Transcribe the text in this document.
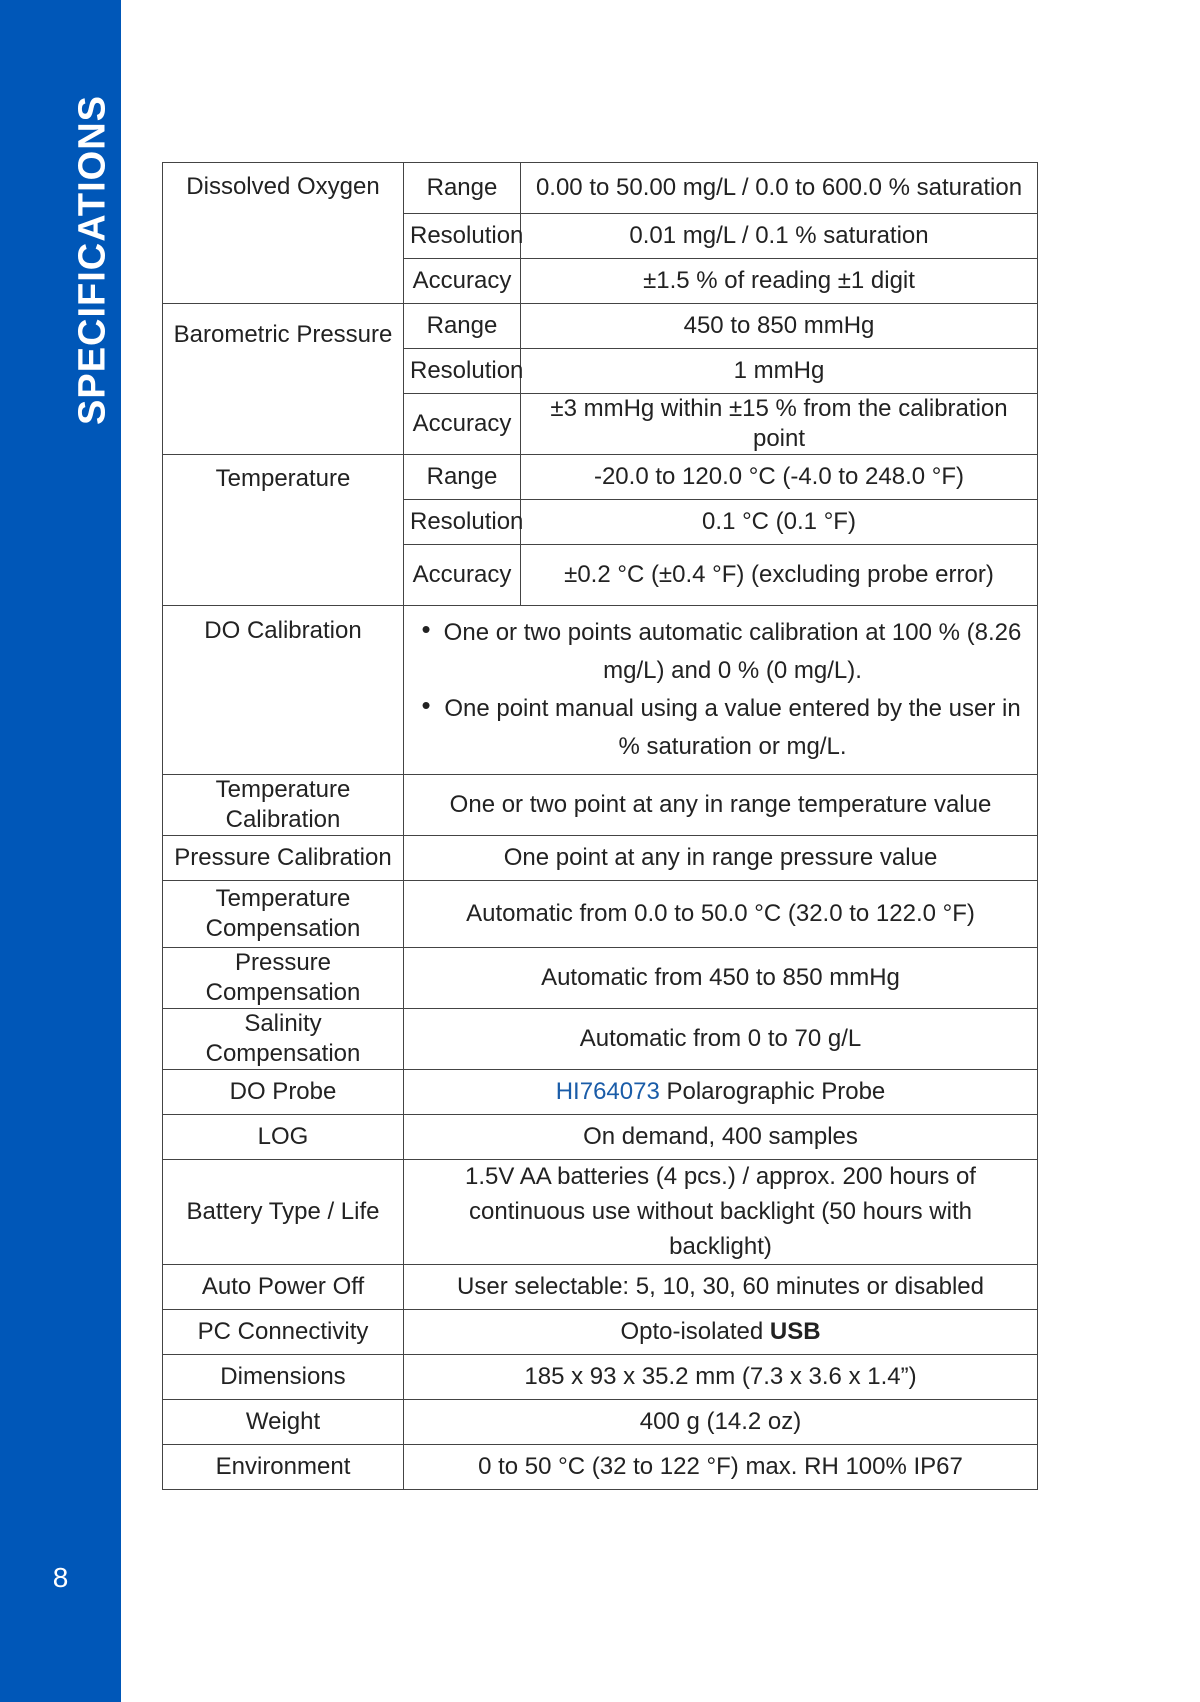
SPECIFICATIONS
8
Dissolved Oxygen	Range	0.00 to 50.00 mg/L / 0.0 to 600.0 % saturation
	Resolution	0.01 mg/L / 0.1 % saturation
	Accuracy	±1.5 % of reading ±1 digit
Barometric Pressure	Range	450 to 850 mmHg
	Resolution	1 mmHg
	Accuracy	±3 mmHg within ±15 % from the calibration point
Temperature	Range	-20.0 to 120.0 °C (-4.0 to 248.0 °F)
	Resolution	0.1 °C (0.1 °F)
	Accuracy	±0.2 °C (±0.4 °F) (excluding probe error)
DO Calibration	• One or two points automatic calibration at 100 % (8.26 mg/L) and 0 % (0 mg/L).
• One point manual using a value entered by the user in % saturation or mg/L.	

Temperature Calibration	One or two point at any in range temperature value	
Pressure Calibration	One point at any in range pressure value	
Temperature Compensation	Automatic from 0.0 to 50.0 °C (32.0 to 122.0 °F)	
Pressure Compensation	Automatic from 450 to 850 mmHg	
Salinity Compensation	Automatic from 0 to 70 g/L	
DO Probe	HI764073 Polarographic Probe	
LOG	On demand, 400 samples	
Battery Type / Life	1.5V AA batteries (4 pcs.) / approx. 200 hours of continuous use without backlight (50 hours with backlight)	
Auto Power Off	User selectable: 5, 10, 30, 60 minutes or disabled	
PC Connectivity	Opto-isolated USB	
Dimensions	185 x 93 x 35.2 mm (7.3 x 3.6 x 1.4”)	
Weight	400 g (14.2 oz)	
Environment	0 to 50 °C (32 to 122 °F) max. RH 100% IP67	
